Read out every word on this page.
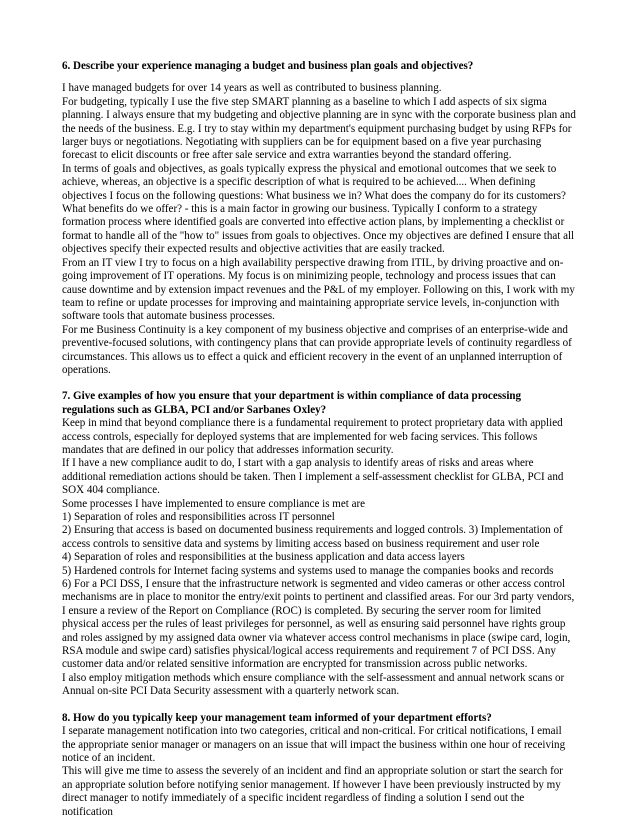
6. Describe your experience managing a budget and business plan goals and objectives?

I have managed budgets for over 14 years as well as contributed to business planning.

For budgeting, typically I use the five step SMART planning as a baseline to which I add aspects of six sigma planning. I always ensure that my budgeting and objective planning are in sync with the corporate business plan and the needs of the business. E.g. I try to stay within my department's equipment purchasing budget by using RFPs for larger buys or negotiations. Negotiating with suppliers can be for equipment based on a five year purchasing forecast to elicit discounts or free after sale service and extra warranties beyond the standard offering.

In terms of goals and objectives, as goals typically express the physical and emotional outcomes that we seek to achieve, whereas, an objective is a specific description of what is required to be achieved.... When defining objectives I focus on the following questions: What business we in? What does the company do for its customers? What benefits do we offer? - this is a main factor in growing our business. Typically I conform to a strategy formation process where identified goals are converted into effective action plans, by implementing a checklist or format to handle all of the "how to" issues from goals to objectives. Once my objectives are defined I ensure that all objectives specify their expected results and objective activities that are easily tracked.

From an IT view I try to focus on a high availability perspective drawing from ITIL, by driving proactive and on-going improvement of IT operations. My focus is on minimizing people, technology and process issues that can cause downtime and by extension impact revenues and the P&L of my employer. Following on this, I work with my team to refine or update processes for improving and maintaining appropriate service levels, in-conjunction with software tools that automate business processes.

For me Business Continuity is a key component of my business objective and comprises of an enterprise-wide and preventive-focused solutions, with contingency plans that can provide appropriate levels of continuity regardless of circumstances. This allows us to effect a quick and efficient recovery in the event of an unplanned interruption of operations.

7. Give examples of how you ensure that your department is within compliance of data processing regulations such as GLBA, PCI and/or Sarbanes Oxley?

Keep in mind that beyond compliance there is a fundamental requirement to protect proprietary data with applied access controls, especially for deployed systems that are implemented for web facing services. This follows mandates that are defined in our policy that addresses information security.

If I have a new compliance audit to do, I start with a gap analysis to identify areas of risks and areas where additional remediation actions should be taken. Then I implement a self-assessment checklist for GLBA, PCI and SOX 404 compliance.

Some processes I have implemented to ensure compliance is met are

1) Separation of roles and responsibilities across IT personnel

2) Ensuring that access is based on documented business requirements and logged controls. 3) Implementation of access controls to sensitive data and systems by limiting access based on business requirement and user role

4) Separation of roles and responsibilities at the business application and data access layers

5) Hardened controls for Internet facing systems and systems used to manage the companies books and records

6) For a PCI DSS, I ensure that the infrastructure network is segmented and video cameras or other access control mechanisms are in place to monitor the entry/exit points to pertinent and classified areas. For our 3rd party vendors, I ensure a review of the Report on Compliance (ROC) is completed. By securing the server room for limited physical access per the rules of least privileges for personnel, as well as ensuring said personnel have rights group and roles assigned by my assigned data owner via whatever access control mechanisms in place (swipe card, login, RSA module and swipe card) satisfies physical/logical access requirements and requirement 7 of PCI DSS. Any customer data and/or related sensitive information are encrypted for transmission across public networks.

I also employ mitigation methods which ensure compliance with the self-assessment and annual network scans or Annual on-site PCI Data Security assessment with a quarterly network scan.

8. How do you typically keep your management team informed of your department efforts?

I separate management notification into two categories, critical and non-critical. For critical notifications, I email the appropriate senior manager or managers on an issue that will impact the business within one hour of receiving notice of an incident.

This will give me time to assess the severely of an incident and find an appropriate solution or start the search for an appropriate solution before notifying senior management. If however I have been previously instructed by my direct manager to notify immediately of a specific incident regardless of finding a solution I send out the notification
